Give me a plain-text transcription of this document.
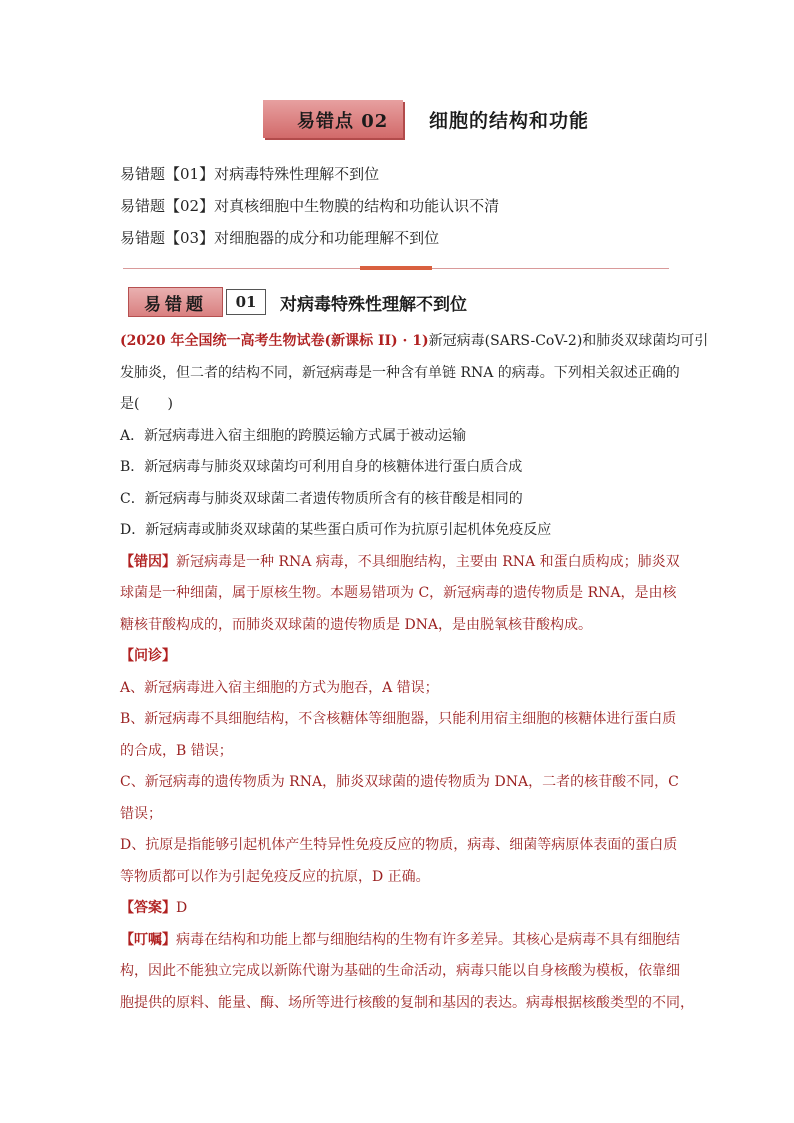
易错点 02 细胞的结构和功能
易错题【01】对病毒特殊性理解不到位
易错题【02】对真核细胞中生物膜的结构和功能认识不清
易错题【03】对细胞器的成分和功能理解不到位
易错题	01	对病毒特殊性理解不到位
(2020 年全国统一高考生物试卷(新课标 II) · 1)新冠病毒(SARS-CoV-2)和肺炎双球菌均可引
发肺炎，但二者的结构不同，新冠病毒是一种含有单链 RNA 的病毒。下列相关叙述正确的
是(　　)
A．新冠病毒进入宿主细胞的跨膜运输方式属于被动运输
B．新冠病毒与肺炎双球菌均可利用自身的核糖体进行蛋白质合成
C．新冠病毒与肺炎双球菌二者遗传物质所含有的核苷酸是相同的
D．新冠病毒或肺炎双球菌的某些蛋白质可作为抗原引起机体免疫反应
【错因】新冠病毒是一种 RNA 病毒，不具细胞结构，主要由 RNA 和蛋白质构成；肺炎双
球菌是一种细菌，属于原核生物。本题易错项为 C，新冠病毒的遗传物质是 RNA，是由核
糖核苷酸构成的，而肺炎双球菌的遗传物质是 DNA，是由脱氧核苷酸构成。
【问诊】
A、新冠病毒进入宿主细胞的方式为胞吞，A 错误；
B、新冠病毒不具细胞结构，不含核糖体等细胞器，只能利用宿主细胞的核糖体进行蛋白质
的合成，B 错误；
C、新冠病毒的遗传物质为 RNA，肺炎双球菌的遗传物质为 DNA，二者的核苷酸不同，C
错误；
D、抗原是指能够引起机体产生特异性免疫反应的物质，病毒、细菌等病原体表面的蛋白质
等物质都可以作为引起免疫反应的抗原，D 正确。
【答案】D
【叮嘱】病毒在结构和功能上都与细胞结构的生物有许多差异。其核心是病毒不具有细胞结
构，因此不能独立完成以新陈代谢为基础的生命活动，病毒只能以自身核酸为模板，依靠细
胞提供的原料、能量、酶、场所等进行核酸的复制和基因的表达。病毒根据核酸类型的不同，
